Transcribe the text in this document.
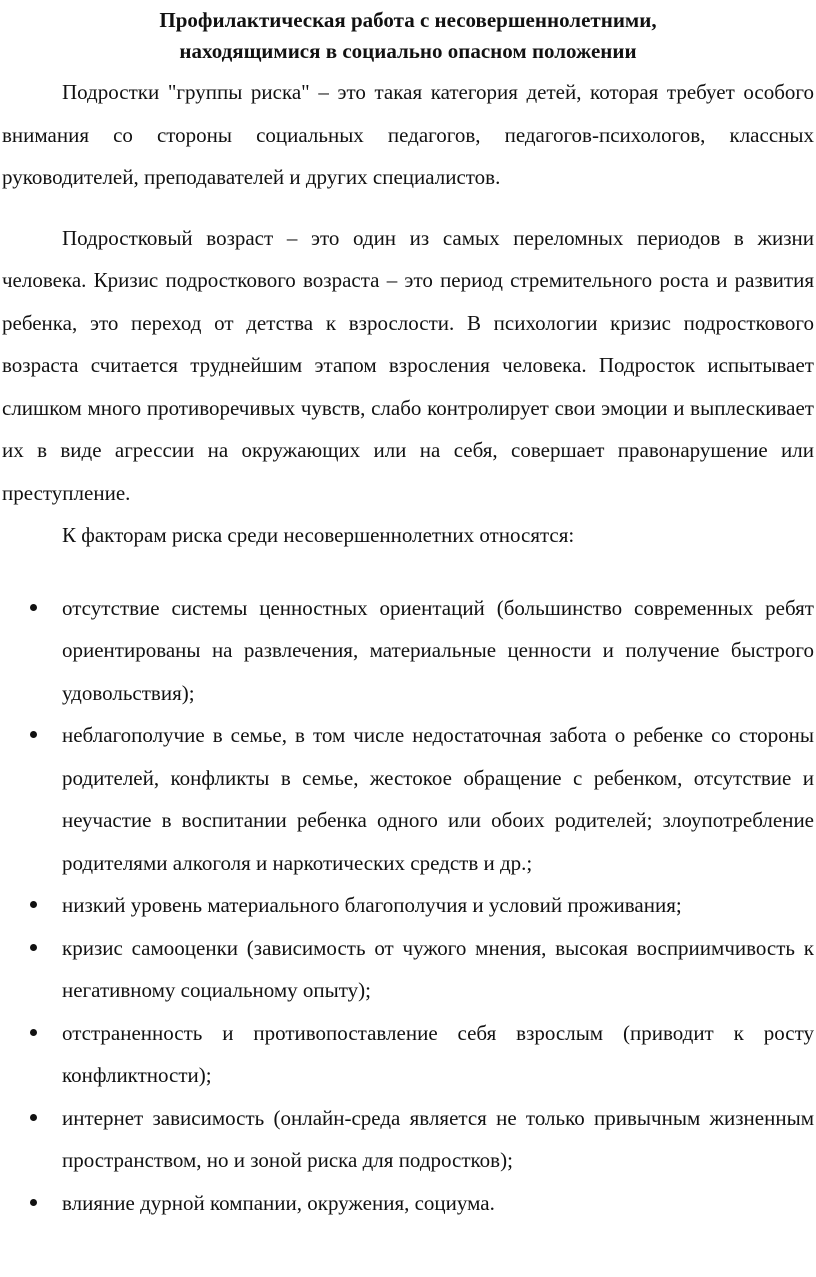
Профилактическая работа с несовершеннолетними,
находящимися в социально опасном положении

Подростки "группы риска" – это такая категория детей, которая требует особого внимания со стороны социальных педагогов, педагогов-психологов, классных руководителей, преподавателей и других специалистов.

Подростковый возраст – это один из самых переломных периодов в жизни человека. Кризис подросткового возраста – это период стремительного роста и развития ребенка, это переход от детства к взрослости. В психологии кризис подросткового возраста считается труднейшим этапом взросления человека. Подросток испытывает слишком много противоречивых чувств, слабо контролирует свои эмоции и выплескивает их в виде агрессии на окружающих или на себя, совершает правонарушение или преступление.

К факторам риска среди несовершеннолетних относятся:

отсутствие системы ценностных ориентаций (большинство современных ребят ориентированы на развлечения, материальные ценности и получение быстрого удовольствия);
неблагополучие в семье, в том числе недостаточная забота о ребенке со стороны родителей, конфликты в семье, жестокое обращение с ребенком, отсутствие и неучастие в воспитании ребенка одного или обоих родителей; злоупотребление родителями алкоголя и наркотических средств и др.;
низкий уровень материального благополучия и условий проживания;
кризис самооценки (зависимость от чужого мнения, высокая восприимчивость к негативному социальному опыту);
отстраненность и противопоставление себя взрослым (приводит к росту конфликтности);
интернет зависимость (онлайн-среда является не только привычным жизненным пространством, но и зоной риска для подростков);
влияние дурной компании, окружения, социума.
